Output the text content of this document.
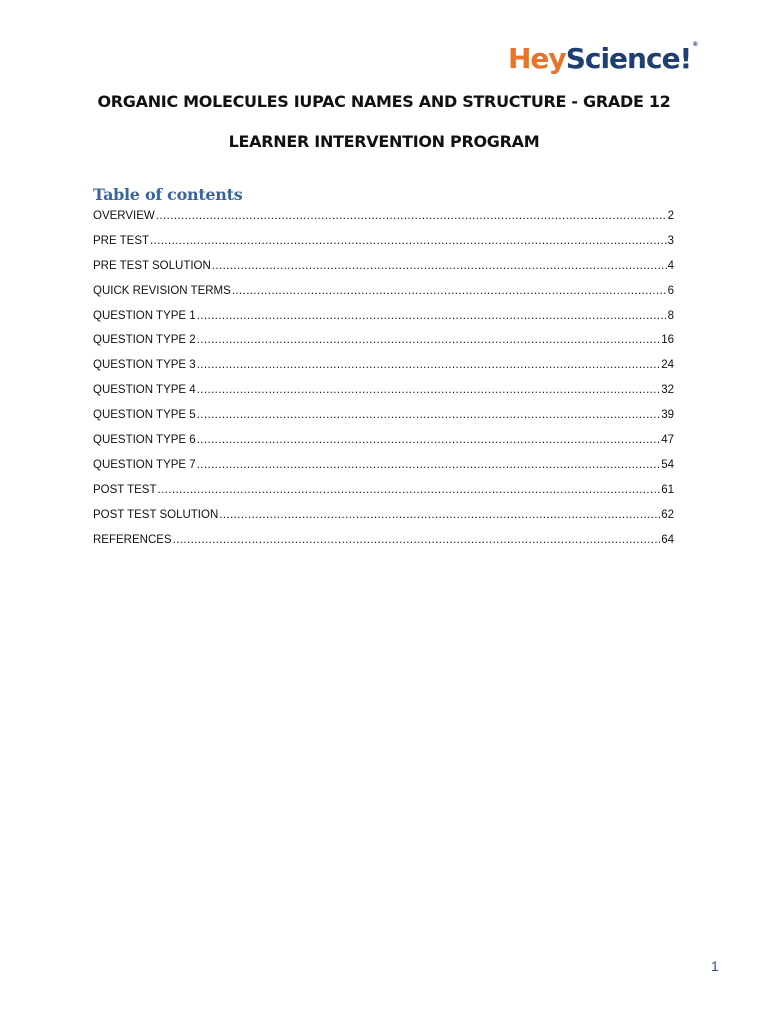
HeyScience!®
ORGANIC MOLECULES IUPAC NAMES AND STRUCTURE - GRADE 12
LEARNER INTERVENTION PROGRAM
Table of contents
OVERVIEW .....	2
PRE TEST .....	3
PRE TEST SOLUTION .....	4
QUICK REVISION TERMS .....	6
QUESTION TYPE 1 .....	8
QUESTION TYPE 2 .....	16
QUESTION TYPE 3 .....	24
QUESTION TYPE 4 .....	32
QUESTION TYPE 5 .....	39
QUESTION TYPE 6 .....	47
QUESTION TYPE 7 .....	54
POST TEST .....	61
POST TEST SOLUTION .....	62
REFERENCES .....	64
1
